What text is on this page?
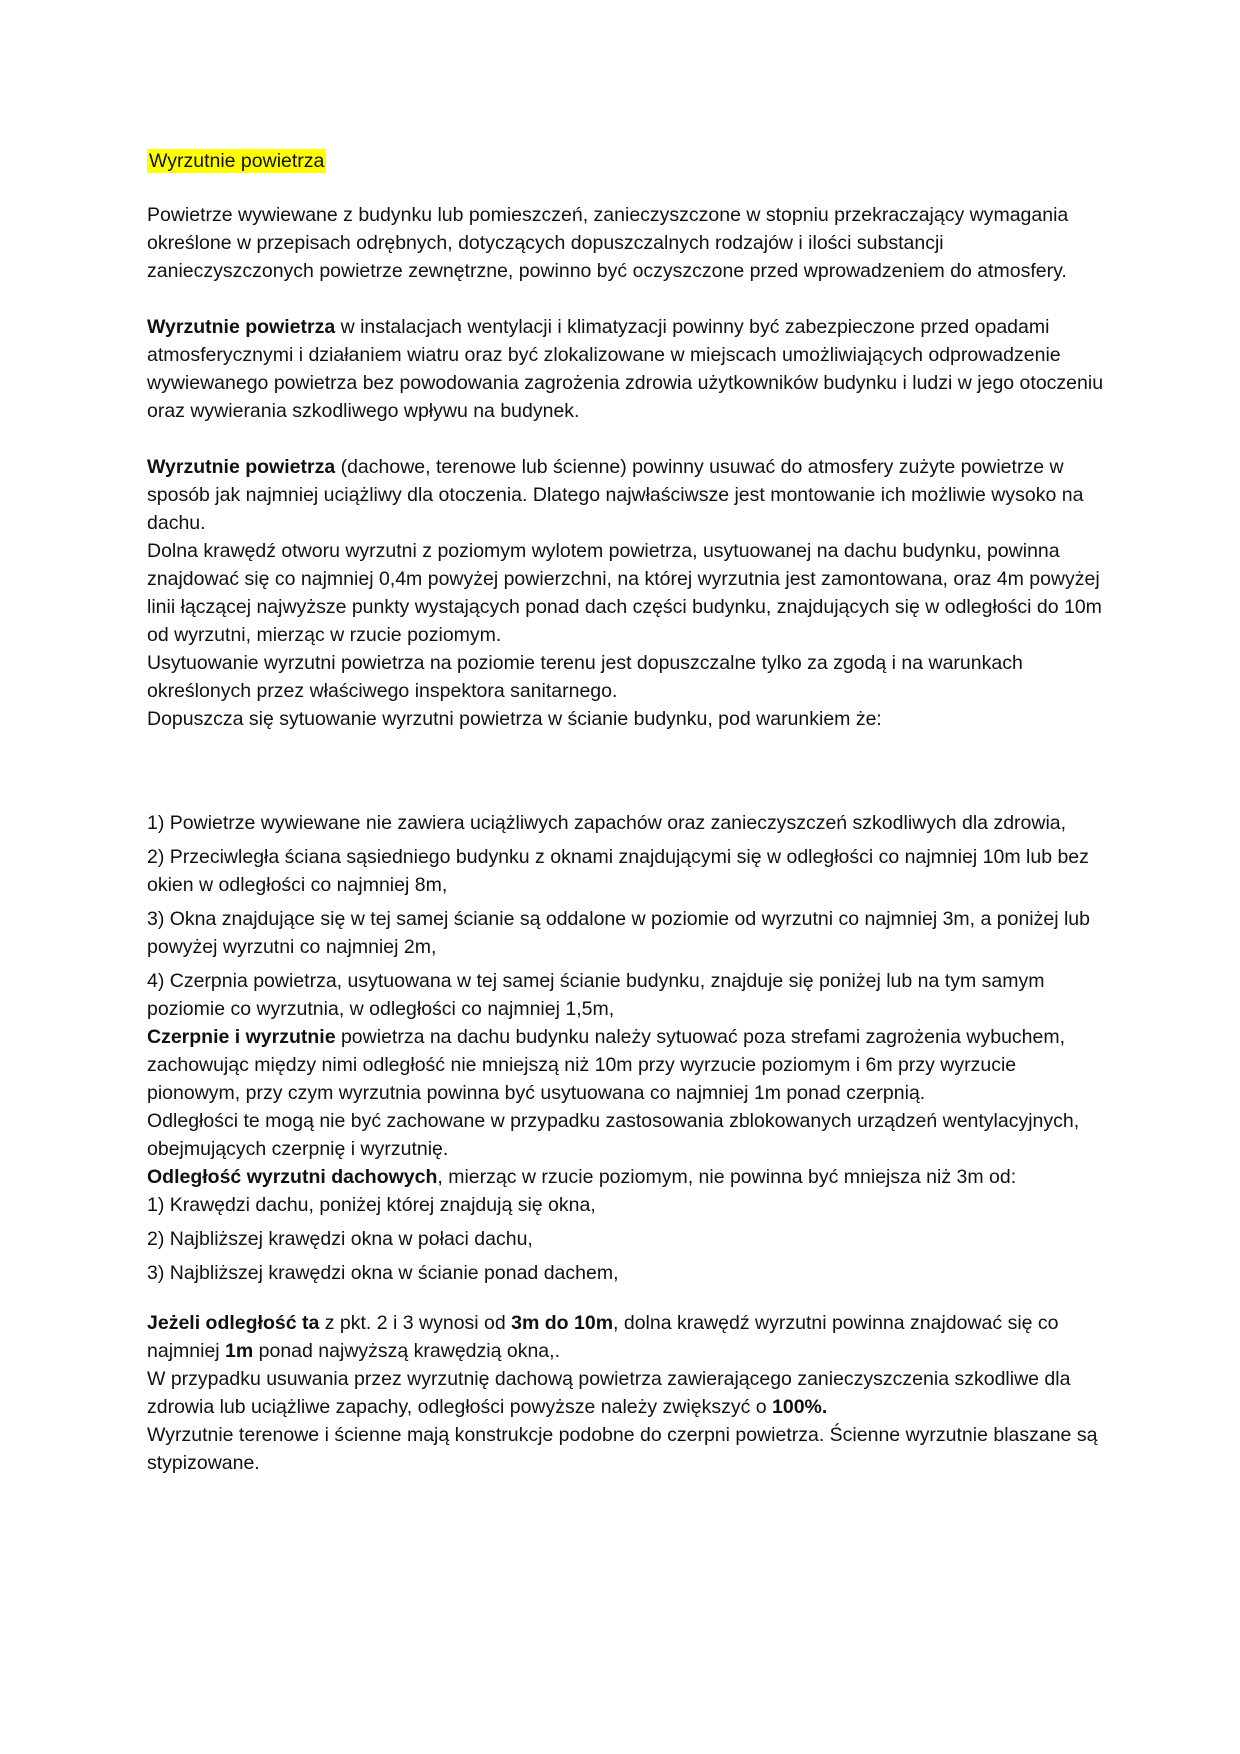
Wyrzutnie powietrza

Powietrze wywiewane z budynku lub pomieszczeń, zanieczyszczone w stopniu przekraczający wymagania określone w przepisach odrębnych, dotyczących dopuszczalnych rodzajów i ilości substancji zanieczyszczonych powietrze zewnętrzne, powinno być oczyszczone przed wprowadzeniem do atmosfery.

Wyrzutnie powietrza w instalacjach wentylacji i klimatyzacji powinny być zabezpieczone przed opadami atmosferycznymi i działaniem wiatru oraz być zlokalizowane w miejscach umożliwiających odprowadzenie wywiewanego powietrza bez powodowania zagrożenia zdrowia użytkowników budynku i ludzi w jego otoczeniu oraz wywierania szkodliwego wpływu na budynek.

Wyrzutnie powietrza (dachowe, terenowe lub ścienne) powinny usuwać do atmosfery zużyte powietrze w sposób jak najmniej uciążliwy dla otoczenia. Dlatego najwłaściwsze jest montowanie ich możliwie wysoko na dachu.

Dolna krawędź otworu wyrzutni z poziomym wylotem powietrza, usytuowanej na dachu budynku, powinna znajdować się co najmniej 0,4m powyżej powierzchni, na której wyrzutnia jest zamontowana, oraz 4m powyżej linii łączącej najwyższe punkty wystających ponad dach części budynku, znajdujących się w odległości do 10m od wyrzutni, mierząc w rzucie poziomym.

Usytuowanie wyrzutni powietrza na poziomie terenu jest dopuszczalne tylko za zgodą i na warunkach określonych przez właściwego inspektora sanitarnego.

Dopuszcza się sytuowanie wyrzutni powietrza w ścianie budynku, pod warunkiem że:

1) Powietrze wywiewane nie zawiera uciążliwych zapachów oraz zanieczyszczeń szkodliwych dla zdrowia,

2) Przeciwległa ściana sąsiedniego budynku z oknami znajdującymi się w odległości co najmniej 10m lub bez okien w odległości co najmniej 8m,

3) Okna znajdujące się w tej samej ścianie są oddalone w poziomie od wyrzutni co najmniej 3m, a poniżej lub powyżej wyrzutni co najmniej 2m,

4) Czerpnia powietrza, usytuowana w tej samej ścianie budynku, znajduje się poniżej lub na tym samym poziomie co wyrzutnia, w odległości co najmniej 1,5m,

Czerpnie i wyrzutnie powietrza na dachu budynku należy sytuować poza strefami zagrożenia wybuchem, zachowując między nimi odległość nie mniejszą niż 10m przy wyrzucie poziomym i 6m przy wyrzucie pionowym, przy czym wyrzutnia powinna być usytuowana co najmniej 1m ponad czerpnią.

Odległości te mogą nie być zachowane w przypadku zastosowania zblokowanych urządzeń wentylacyjnych, obejmujących czerpnię i wyrzutnię.

Odległość wyrzutni dachowych, mierząc w rzucie poziomym, nie powinna być mniejsza niż 3m od:

1) Krawędzi dachu, poniżej której znajdują się okna,

2) Najbliższej krawędzi okna w połaci dachu,

3) Najbliższej krawędzi okna w ścianie ponad dachem,

Jeżeli odległość ta z pkt. 2 i 3 wynosi od 3m do 10m, dolna krawędź wyrzutni powinna znajdować się co najmniej 1m ponad najwyższą krawędzią okna,.

W przypadku usuwania przez wyrzutnię dachową powietrza zawierającego zanieczyszczenia szkodliwe dla zdrowia lub uciążliwe zapachy, odległości powyższe należy zwiększyć o 100%.

Wyrzutnie terenowe i ścienne mają konstrukcje podobne do czerpni powietrza. Ścienne wyrzutnie blaszane są stypizowane.
